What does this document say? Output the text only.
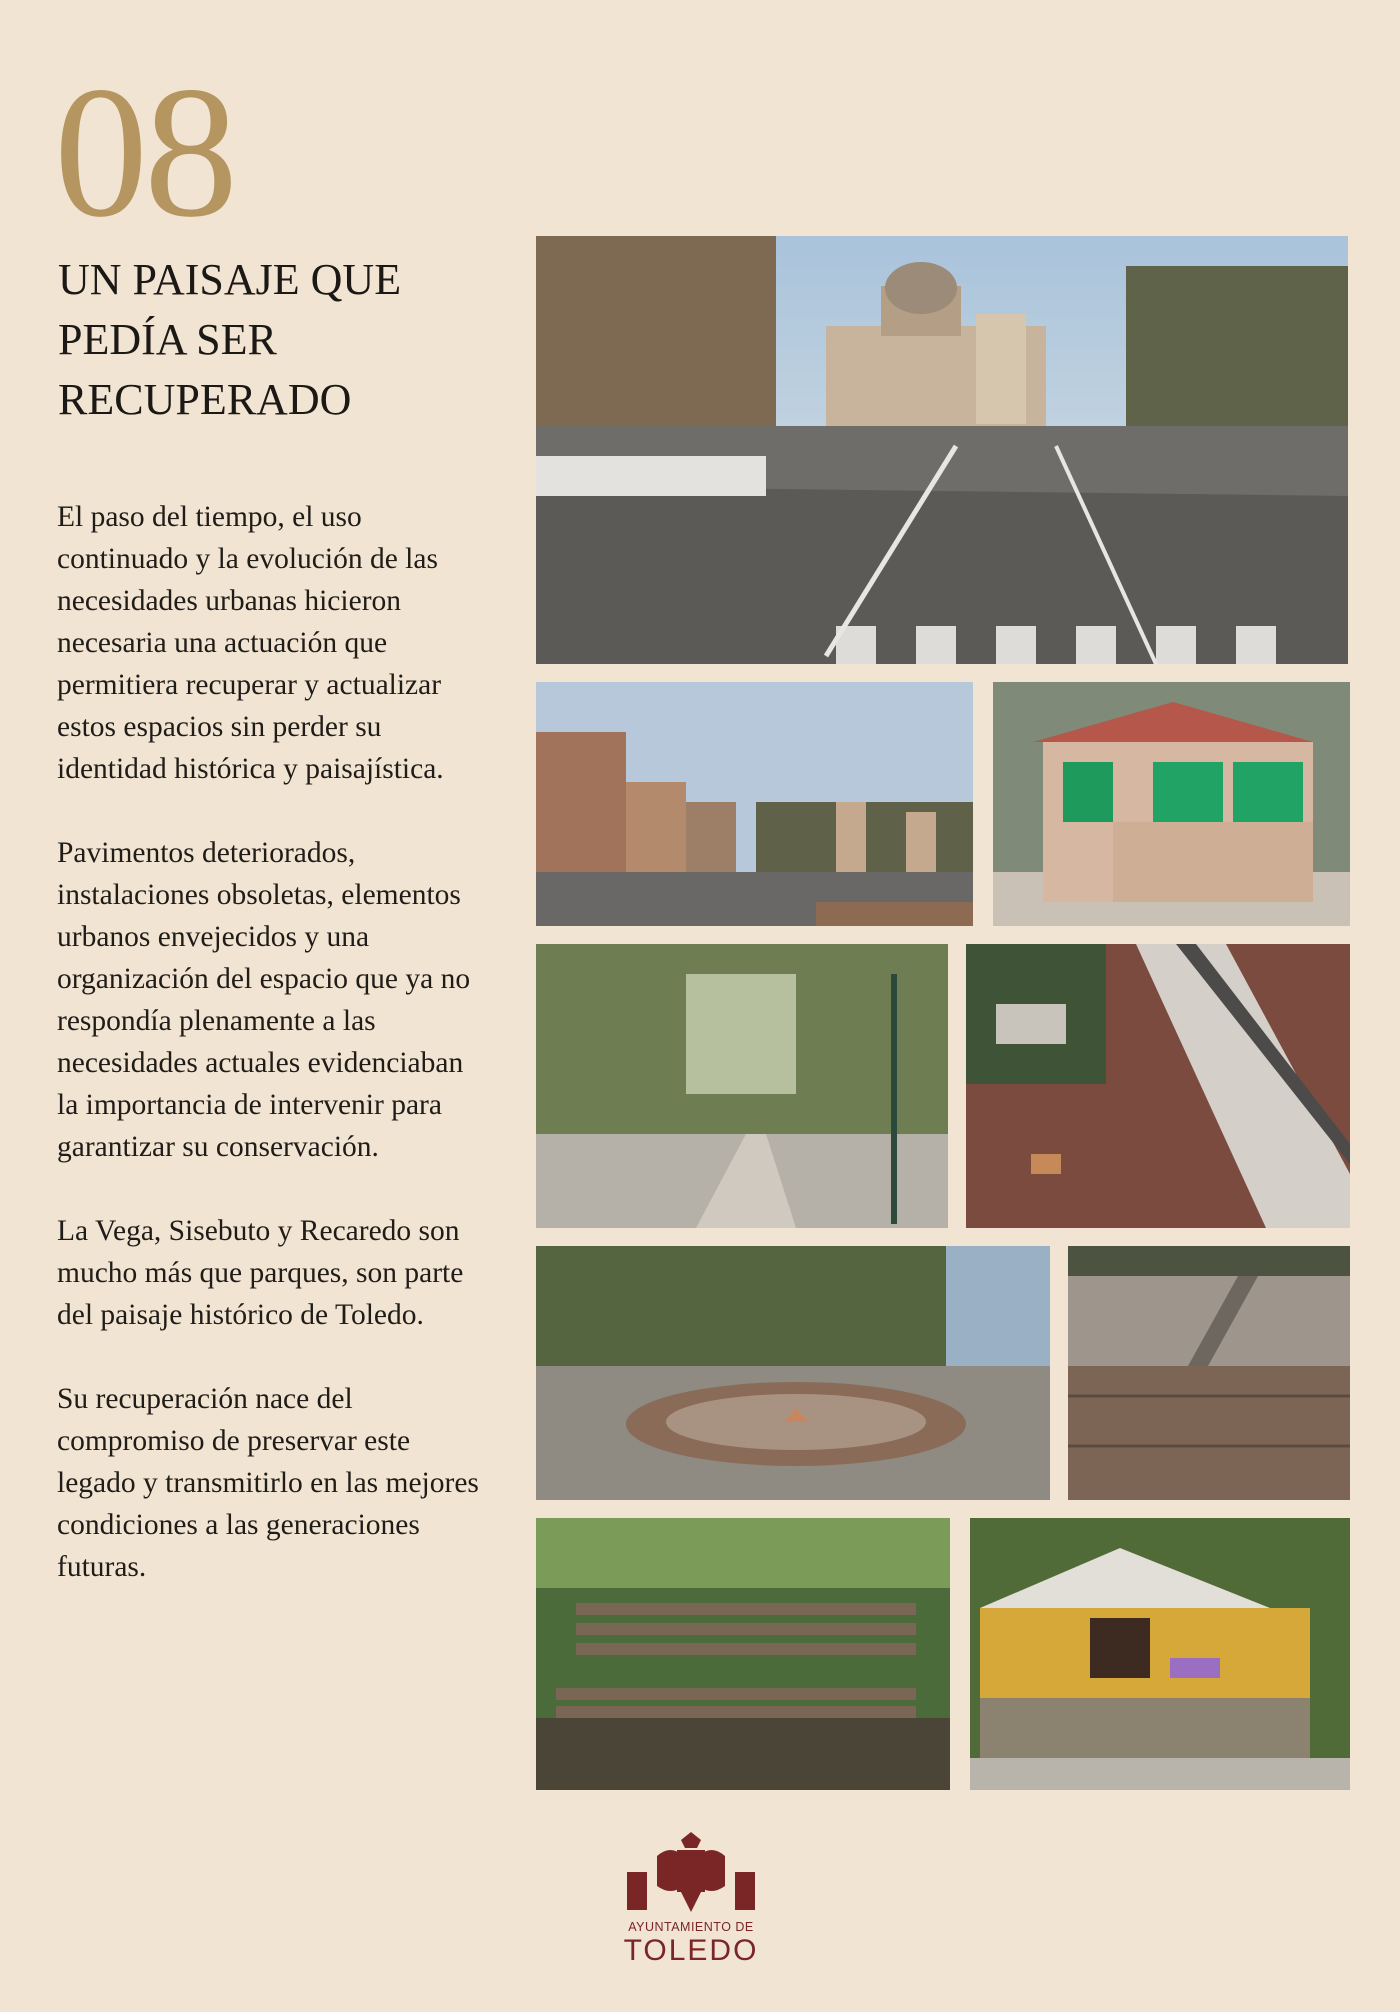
08
UN PAISAJE QUE PEDÍA SER RECUPERADO

El paso del tiempo, el uso continuado y la evolución de las necesidades urbanas hicieron necesaria una actuación que permitiera recuperar y actualizar estos espacios sin perder su identidad histórica y paisajística.

Pavimentos deteriorados, instalaciones obsoletas, elementos urbanos envejecidos y una organización del espacio que ya no respondía plenamente a las necesidades actuales evidenciaban la importancia de intervenir para garantizar su conservación.

La Vega, Sisebuto y Recaredo son mucho más que parques, son parte del paisaje histórico de Toledo.

Su recuperación nace del compromiso de preservar este legado y transmitirlo en las mejores condiciones a las generaciones futuras.

AYUNTAMIENTO DE
TOLEDO
